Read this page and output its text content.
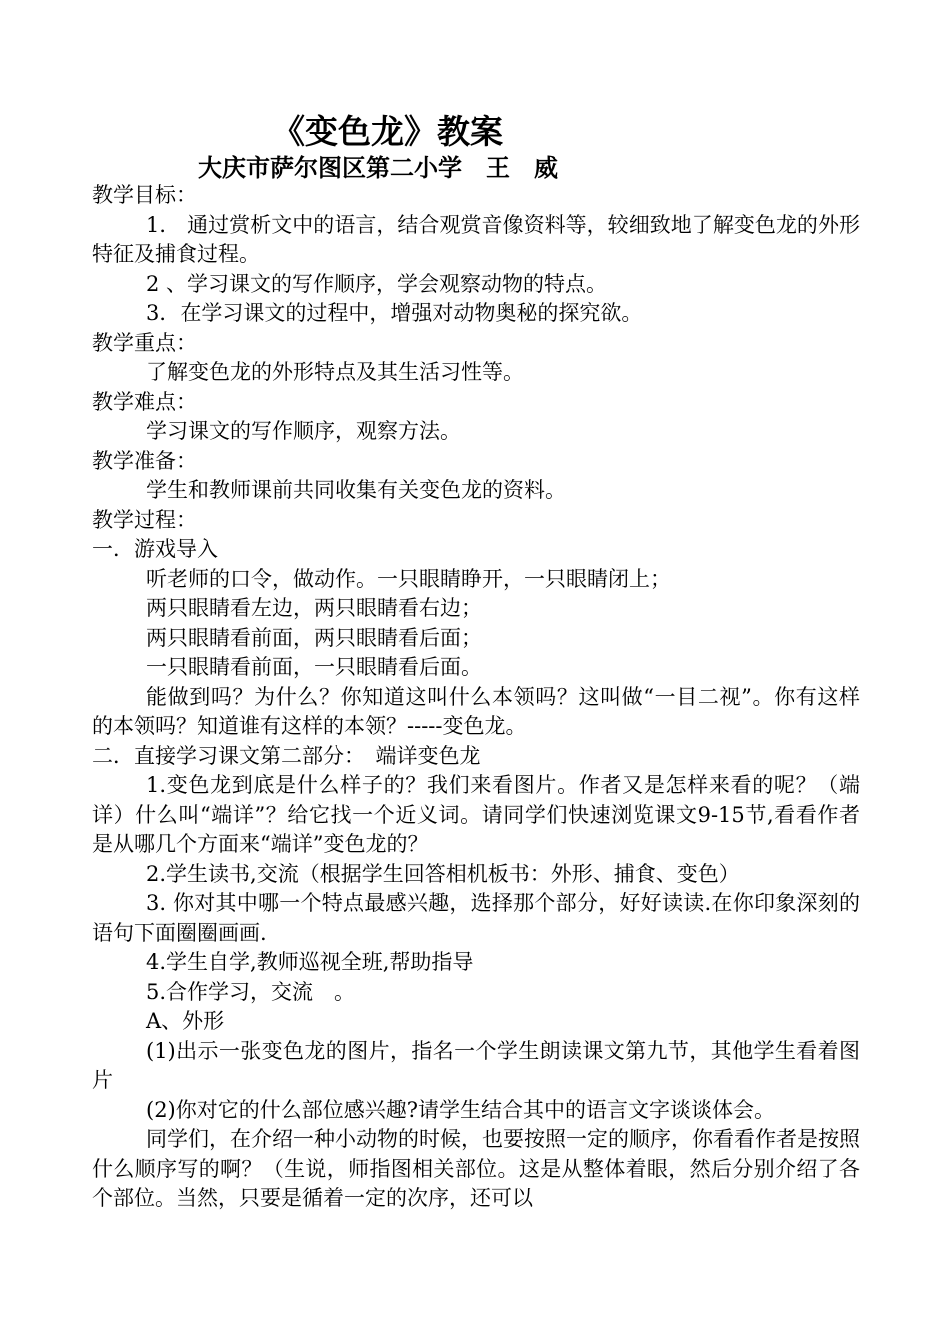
《变色龙》教案
大庆市萨尔图区第二小学　王　威

教学目标：

1． 通过赏析文中的语言，结合观赏音像资料等，较细致地了解变色龙的外形特征及捕食过程。

2 、学习课文的写作顺序，学会观察动物的特点。

3．在学习课文的过程中，增强对动物奥秘的探究欲。

教学重点：

了解变色龙的外形特点及其生活习性等。

教学难点：

学习课文的写作顺序，观察方法。

教学准备：

学生和教师课前共同收集有关变色龙的资料。

教学过程：

一．游戏导入

听老师的口令，做动作。一只眼睛睁开，一只眼睛闭上；

两只眼睛看左边，两只眼睛看右边；

两只眼睛看前面，两只眼睛看后面；

一只眼睛看前面，一只眼睛看后面。

能做到吗？为什么？你知道这叫什么本领吗？这叫做“一目二视”。你有这样的本领吗？知道谁有这样的本领？-----变色龙。

二．直接学习课文第二部分：　端详变色龙

1.变色龙到底是什么样子的？我们来看图片。作者又是怎样来看的呢？（端详）什么叫“端详”？给它找一个近义词。请同学们快速浏览课文9-15节,看看作者是从哪几个方面来“端详”变色龙的？

2.学生读书,交流（根据学生回答相机板书：外形、捕食、变色）

3. 你对其中哪一个特点最感兴趣，选择那个部分，好好读读.在你印象深刻的语句下面圈圈画画.

4.学生自学,教师巡视全班,帮助指导

5.合作学习，交流　。

A、外形

(1)出示一张变色龙的图片，指名一个学生朗读课文第九节，其他学生看着图片

(2)你对它的什么部位感兴趣?请学生结合其中的语言文字谈谈体会。

同学们，在介绍一种小动物的时候，也要按照一定的顺序，你看看作者是按照什么顺序写的啊？（生说，师指图相关部位。这是从整体着眼，然后分别介绍了各个部位。当然，只要是循着一定的次序，还可以
